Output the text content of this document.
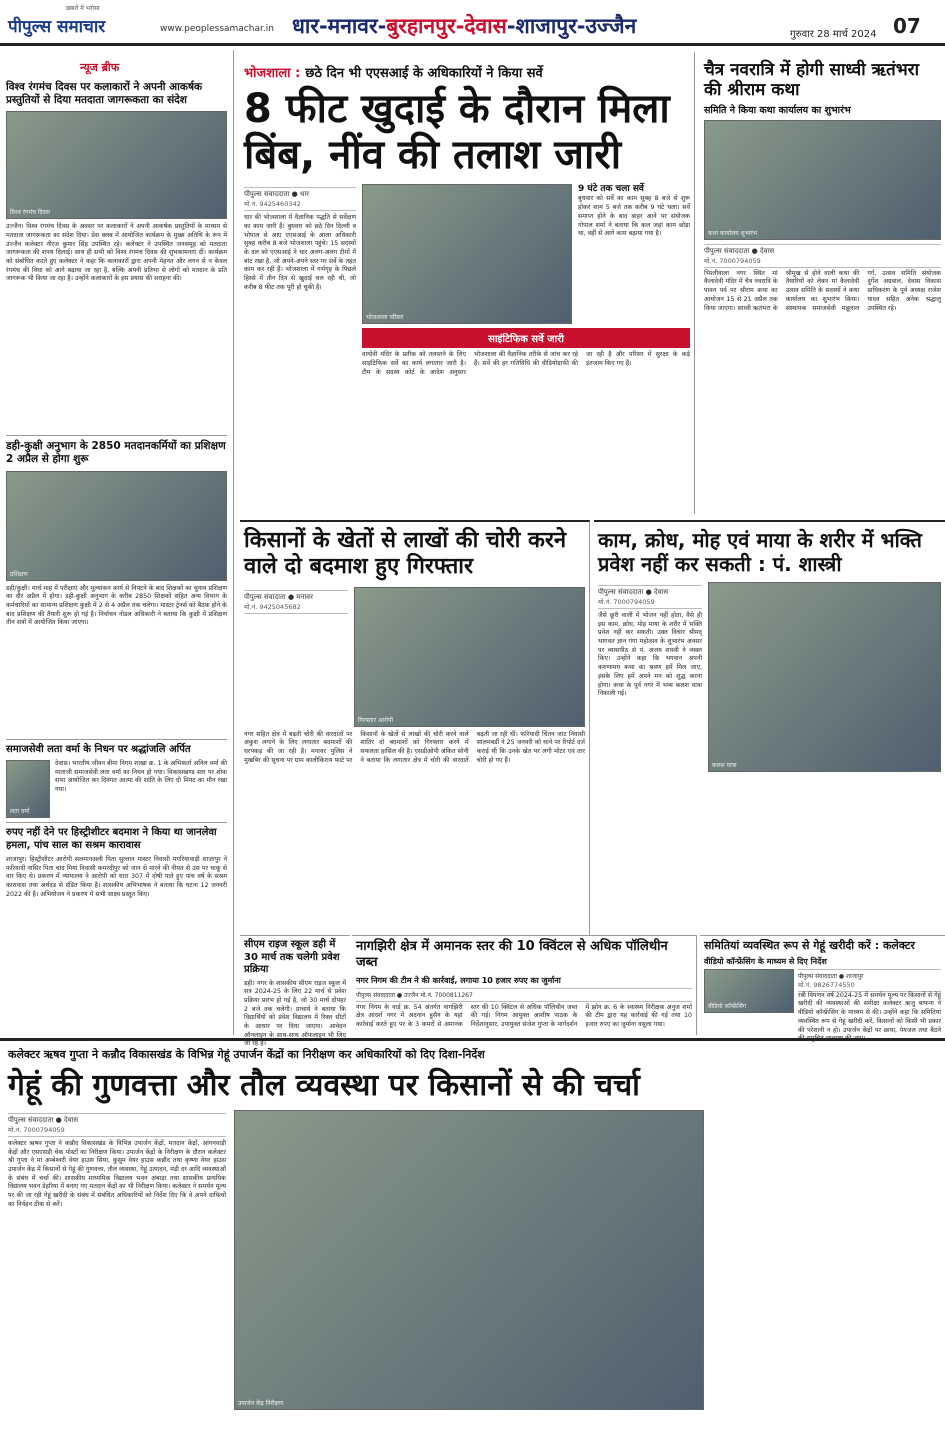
ख़बरों में भरोसा
पीपुल्स समाचार	www.peoplessamachar.in धार-मनावर-बुरहानपुर-देवास-शाजापुर-उज्जैन	गुरुवार 28 मार्च 2024 07
न्यूज ब्रीफ
विश्व रंगमंच दिवस पर कलाकारों ने अपनी आकर्षक प्रस्तुतियों से दिया मतदाता जागरूकता का संदेश
विश्व रंगमंच दिवस
उज्जैन। विश्व रंगमंच दिवस के अवसर पर कलाकारों ने अपनी आकर्षक प्रस्तुतियों के माध्यम से मतदाता जागरूकता का संदेश दिया। प्रेस क्लब में आयोजित कार्यक्रम के मुख्य अतिथि के रूप में उज्जैन कलेक्टर नीरज कुमार सिंह उपस्थित रहे। कलेक्टर ने उपस्थित जनसमूह को मतदाता जागरूकता की शपथ दिलाई। साथ ही सभी को विश्व रंगमंच दिवस की शुभकामनाएं दीं। कार्यक्रम को संबोधित करते हुए कलेक्टर ने कहा कि कलाकारों द्वारा अपनी मेहनत और लगन से न केवल रंगमंच की विधा को आगे बढ़ाया जा रहा है, बल्कि अपनी प्रतिभा से लोगों को मतदान के प्रति जागरूक भी किया जा रहा है। उन्होंने कलाकारों के इस प्रयास की सराहना की।
डही-कुक्षी अनुभाग के 2850 मतदानकर्मियों का प्रशिक्षण 2 अप्रैल से होगा शुरू
प्रशिक्षण
डही/कुक्षी। मार्च माह में परीक्षाएं और मूल्यांकन कार्य से निपटने के बाद शिक्षकों का चुनाव प्रशिक्षण का दौर अप्रैल में होगा। डही-कुक्षी अनुभाग के करीब 2850 शिक्षकों सहित अन्य विभाग के कर्मचारियों का सामान्य प्रशिक्षण कुक्षी में 2 से 4 अप्रैल तक चलेगा। मास्टर ट्रेनर्स को बैठक होने के बाद प्रशिक्षण की तैयारी शुरू हो गई है। निर्वाचन नोडल अधिकारी ने बताया कि कुक्षी में प्रशिक्षण तीन सत्रों में आयोजित किया जाएगा।
समाजसेवी लता वर्मा के निधन पर श्रद्धांजलि अर्पित
लता वर्मा
देवास। भारतीय जीवन बीमा निगम शाखा क्र. 1 के अभिकर्ता अनिल वर्मा की माताजी समाजसेवी लता वर्मा का निधन हो गया। विकासखण्ड स्तर पर शोक सभा आयोजित कर दिवंगत आत्मा की शांति के लिए दो मिनट का मौन रखा गया।
रुपए नहीं देने पर हिस्ट्रीशीटर बदमाश ने किया था जानलेवा हमला, पांच साल का सश्रम कारावास
शाजापुर। हिस्ट्रीशीटर आरोपी सलमानअली पिता सुल्तान मास्टर निवासी मगरियावाड़ी शाजापुर ने फरियादी नासिर पिता चांद मियां निवासी कमरदीपुर को जान से मारने की नीयत से उस पर चाकू से वार किए थे। प्रकरण में न्यायालय ने आरोपी को धारा 307 में दोषी पाते हुए पांच वर्ष के सश्रम कारावास तथा अर्थदंड से दंडित किया है। शासकीय अभिभाषक ने बताया कि घटना 12 जनवरी 2022 की है। अभियोजन ने प्रकरण में सभी साक्ष्य प्रस्तुत किए।
भोजशाला : छठे दिन भी एएसआई के अधिकारियों ने किया सर्वे
8 फीट खुदाई के दौरान मिला बिंब, नींव की तलाश जारी
पीपुल्स संवाददाता ● धार
मो.नं. 9425460342
धार की भोजशाला में वैज्ञानिक पद्धति से सर्वेक्षण का काम जारी है। बुधवार को छठे दिन दिल्ली व भोपाल से आए एएसआई के आला अधिकारी सुबह करीब 8 बजे भोजशाला पहुंचे। 15 सदस्यों के दल को एएसआई ने चार अलग-अलग टीमों में बांट रखा है, जो अपने-अपने स्तर पर सर्वे के तहत काम कर रही हैं। भोजशाला में गर्भगृह के पिछले हिस्से में तीन दिन से खुदाई चल रही थी, जो करीब 8 फीट तक पूरी हो चुकी है।
भोजशाला परिसर
9 घंटे तक चला सर्वे
बुधवार को सर्वे का काम सुबह 8 बजे से शुरू होकर शाम 5 बजे तक करीब 9 घंटे चला। सर्वे समाप्त होने के बाद बाहर आने पर संयोजक गोपाल शर्मा ने बताया कि कल जहां काम छोड़ा था, वहीं से आगे काम बढ़ाया गया है।
साइंटिफिक सर्वे जारी
वाग्देवी मंदिर के प्रतीक को तलाशने के लिए साइंटिफिक सर्वे का कार्य लगातार जारी है। टीम के सदस्य कोर्ट के आदेश अनुसार भोजशाला की वैज्ञानिक तरीके से जांच कर रहे हैं। सर्वे की हर गतिविधि की वीडियोग्राफी की जा रही है और परिसर में सुरक्षा के कड़े इंतजाम किए गए हैं।
चैत्र नवरात्रि में होगी साध्वी ऋतंभरा की श्रीराम कथा
समिति ने किया कथा कार्यालय का शुभारंभ
कथा कार्यालय शुभारंभ
पीपुल्स संवाददाता ● देवास
मो.नं. 7000794059
भिश्तीवाला नगर स्थित मां कैलादेवी मंदिर में चैत्र नवरात्रि के पावन पर्व पर श्रीराम कथा का आयोजन 15 से 21 अप्रैल तक किया जाएगा। साध्वी ऋतंभरा के श्रीमुख से होने वाली कथा की तैयारियों को लेकर मां कैलादेवी उत्सव समिति के सदस्यों ने कथा कार्यालय का शुभारंभ किया। संस्थापक समाजसेवी मन्नूलाल गर्ग, उत्सव समिति संयोजक दुर्गेश अग्रवाल, देवास विकास प्राधिकरण के पूर्व अध्यक्ष राजेश यादव सहित अनेक श्रद्धालु उपस्थित रहे।
किसानों के खेतों से लाखों की चोरी करने वाले दो बदमाश हुए गिरफ्तार
पीपुल्स संवादाता ● मनावर
मो.नं. 9425045682
गिरफ्तार आरोपी
नगर सहित क्षेत्र में बढ़ती चोरी की वारदातों पर अंकुश लगाने के लिए लगातार बदमाशों की धरपकड़ की जा रही है। मनावर पुलिस ने मुखबिर की सूचना पर ग्राम कालीकिराय फाटे पर किसानों के खेतों से लाखों की चोरी करने वाले शातिर दो बदमाशों को गिरफ्तार करने में सफलता हासिल की है। एसडीओपी अंकित सोनी ने बताया कि लगातार क्षेत्र में चोरी की वारदातें बढ़ती जा रही थीं। फरियादी चिंतन जाट निवासी सालमबर्डी ने 25 जनवरी को थाने पर रिपोर्ट दर्ज कराई थी कि उनके खेत पर लगी मोटर एवं तार चोरी हो गए हैं।
काम, क्रोध, मोह एवं माया के शरीर में भक्ति प्रवेश नहीं कर सकती : पं. शास्त्री
पीपुल्स संवाददाता ● देवास
मो.नं. 7000794059
जैसे छूरी वाली में भोजन नहीं होता, वैसे ही इस काम, क्रोध, मोह माया के शरीर में भक्ति प्रवेश नहीं कर सकती। उक्त विचार श्रीमद् भागवत ज्ञान गंगा महोत्सव के शुभारंभ अवसर पर व्यासपीठ से पं. अजय शास्त्री ने व्यक्त किए। उन्होंने कहा कि भगवान अपनी करुणामय कथा का श्रवण हमें मिल जाए, इसके लिए हमें अपने मन को शुद्ध करना होगा। कथा के पूर्व नगर में भव्य कलश यात्रा निकाली गई।
कलश यात्रा
सीएम राइज स्कूल डही में 30 मार्च तक चलेगी प्रवेश प्रक्रिया
डही। नगर के शासकीय सीएम राइज स्कूल में सत्र 2024-25 के लिए 22 मार्च से प्रवेश प्रक्रिया प्रारंभ हो गई है, जो 30 मार्च दोपहर 2 बजे तक चलेगी। प्राचार्य ने बताया कि विद्यार्थियों को प्रवेश विद्यालय में रिक्त सीटों के आधार पर दिया जाएगा। आवेदन ऑनलाइन के साथ-साथ ऑफलाइन भी लिए जा रहे हैं।
नागझिरी क्षेत्र में अमानक स्तर की 10 क्विंटल से अधिक पॉलिथीन जब्त
नगर निगम की टीम ने की कार्रवाई, लगाया 10 हजार रुपए का जुर्माना
पीपुल्स संवाददाता ● उज्जैन मो.नं. 7000811267
नगर निगम के वार्ड क्र. 54 अंतर्गत नागझिरी क्षेत्र आदर्श नगर में अदनान हुसैन के यहां कार्रवाई करते हुए पर के 3 कमरों से अमानक स्तर की 10 क्विंटल से अधिक पॉलिथीन जब्त की गई। निगम आयुक्त आशीष पाठक के निर्देशानुसार, उपायुक्त संजेश गुप्ता के मार्गदर्शन में झोन क्र. 6 के स्वास्थ्य निरीक्षक अनुज शर्मा की टीम द्वारा यह कार्रवाई की गई तथा 10 हजार रुपए का जुर्माना वसूला गया।
समितियां व्यवस्थित रूप से गेहूं खरीदी करें : कलेक्टर
वीडियो कॉन्फ्रेंसिंग के माध्यम से दिए निर्देश
वीडियो कॉन्फ्रेंसिंग
पीपुल्स संवाददाता ● शाजापुर
मो.नं. 9826774550
रबी विपणन वर्ष 2024-25 में समर्थन मूल्य पर किसानों से गेहूं खरीदी की व्यवस्थाओं की समीक्षा कलेक्टर ऋजु बाफना ने वीडियो कॉन्फ्रेंसिंग के माध्यम से की। उन्होंने कहा कि समितियां व्यवस्थित रूप से गेहूं खरीदी करें, किसानों को किसी भी प्रकार की परेशानी न हो। उपार्जन केंद्रों पर छाया, पेयजल तथा बैठने की समुचित व्यवस्था की जाए।
कलेक्टर ऋषव गुप्ता ने कन्नौद विकासखंड के विभिन्न गेहूं उपार्जन केंद्रों का निरीक्षण कर अधिकारियों को दिए दिशा-निर्देश
गेहूं की गुणवत्ता और तौल व्यवस्था पर किसानों से की चर्चा
पीपुल्स संवाददाता ● देवास
मो.नं. 7000794059
कलेक्टर ऋषव गुप्ता ने कन्नौद विकासखंड के विभिन्न उपार्जन केंद्रों, मतदान केंद्रों, आंगनवाड़ी केंद्रों और एसएसडी चेक पोस्टों का निरीक्षण किया। उपार्जन केंद्रों के निरीक्षण के दौरान कलेक्टर श्री गुप्ता ने मां अम्बेश्वरी वेयर हाउस सिया, कुसुम वेयर हाउस कन्नौद तथा कृष्णा वेयर हाउस उपार्जन केंद्र में किसानों से गेहूं की गुणवत्ता, तौल व्यवस्था, गेहूं उत्पादन, मंडी दर आदि व्यवस्थाओं के संबंध में चर्चा की। शासकीय माध्यमिक विद्यालय भवन अंबाड़ा तथा शासकीय प्राथमिक विद्यालय भवन डेहरिया में बनाए गए मतदान केंद्रों का भी निरीक्षण किया। कलेक्टर ने समर्थन मूल्य पर की जा रही गेहूं खरीदी के संबंध में संबंधित अधिकारियों को निर्देश दिए कि वे अपने दायित्वों का निर्वहन ठीक से करें।
उपार्जन केंद्र निरीक्षण
